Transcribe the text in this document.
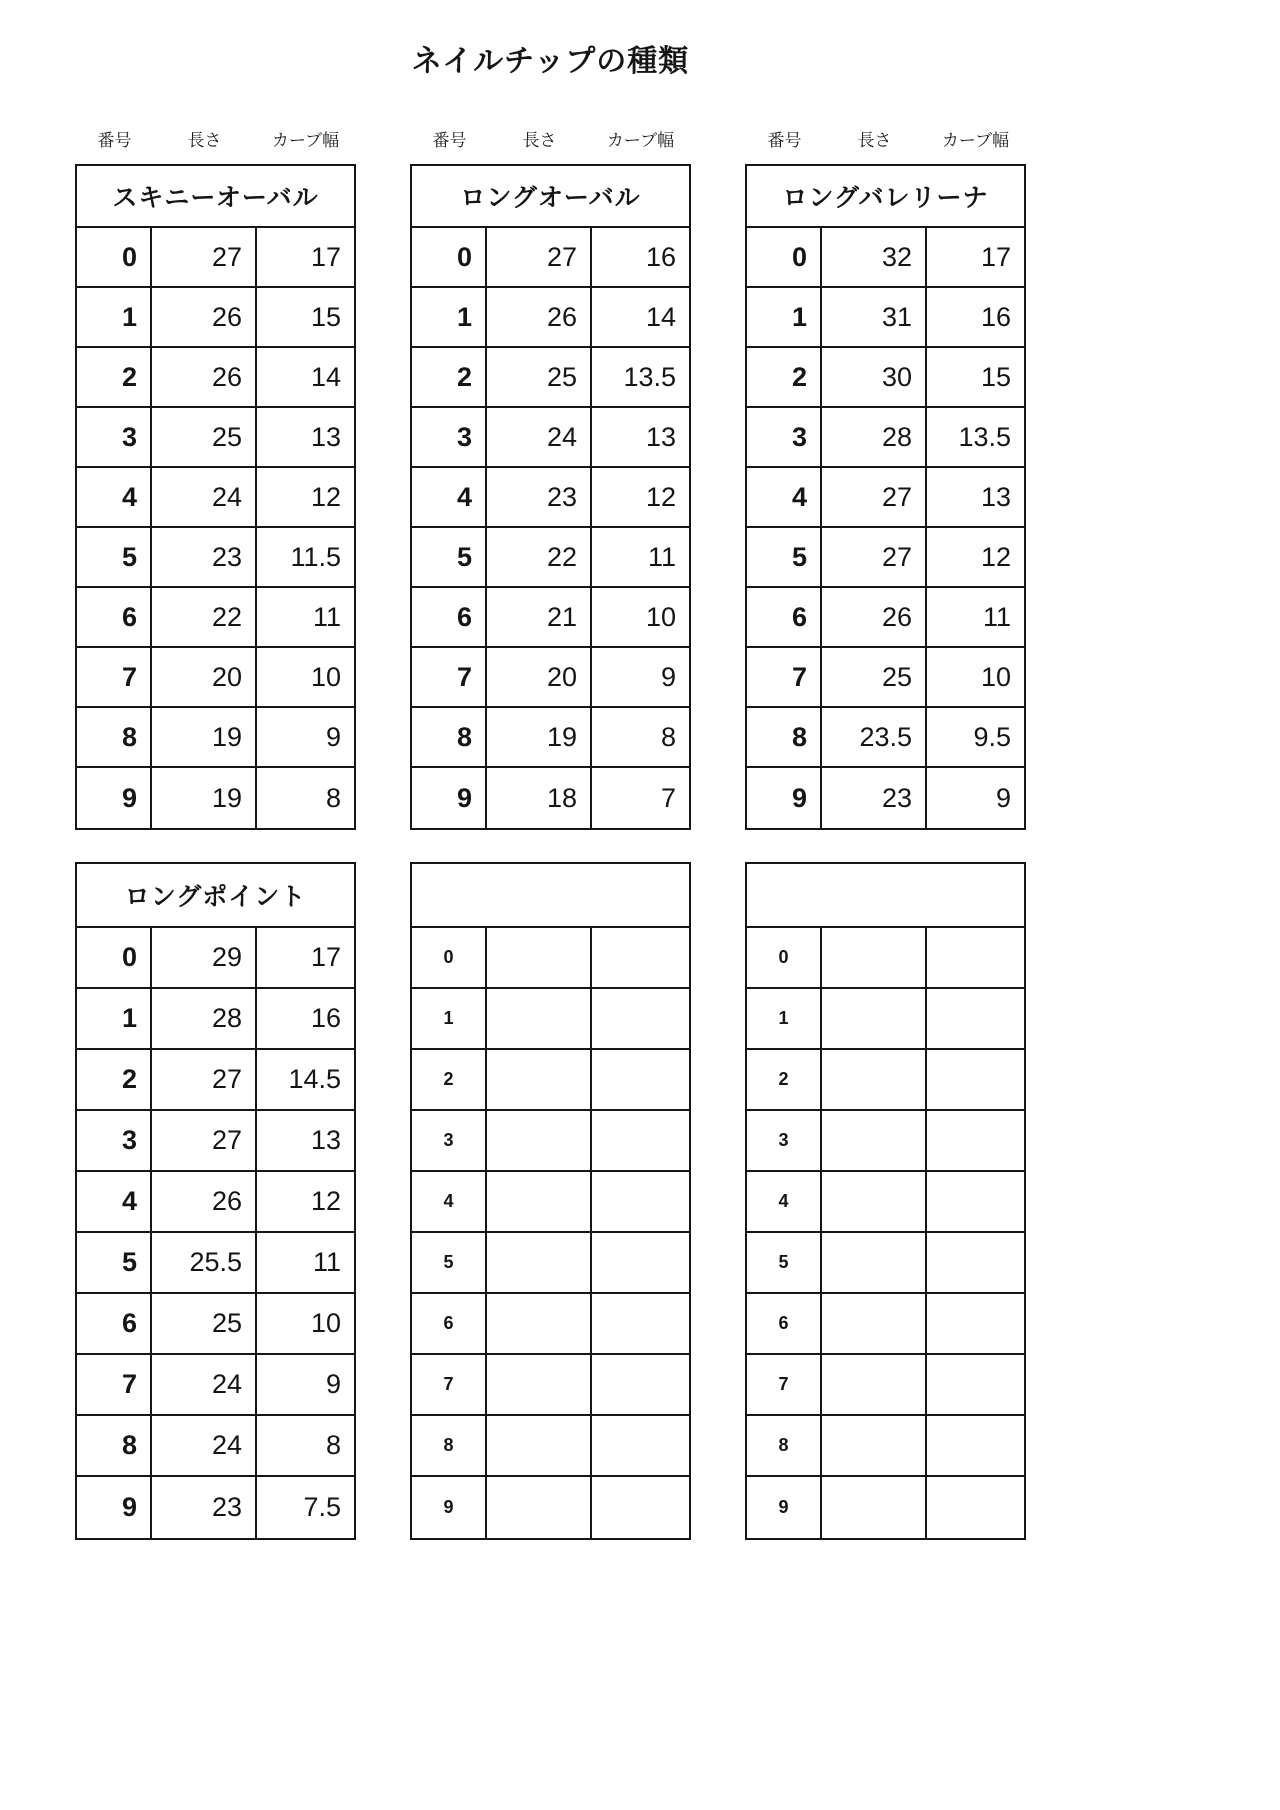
ネイルチップの種類
番号	長さ	カーブ幅
スキニーオーバル
0	27	17
1	26	15
2	26	14
3	25	13
4	24	12
5	23	11.5
6	22	11
7	20	10
8	19	9
9	19	8
番号	長さ	カーブ幅
ロングオーバル
0	27	16
1	26	14
2	25	13.5
3	24	13
4	23	12
5	22	11
6	21	10
7	20	9
8	19	8
9	18	7
番号	長さ	カーブ幅
ロングバレリーナ
0	32	17
1	31	16
2	30	15
3	28	13.5
4	27	13
5	27	12
6	26	11
7	25	10
8	23.5	9.5
9	23	9
ロングポイント
0	29	17
1	28	16
2	27	14.5
3	27	13
4	26	12
5	25.5	11
6	25	10
7	24	9
8	24	8
9	23	7.5
0
1
2
3
4
5
6
7
8
9
0
1
2
3
4
5
6
7
8
9
